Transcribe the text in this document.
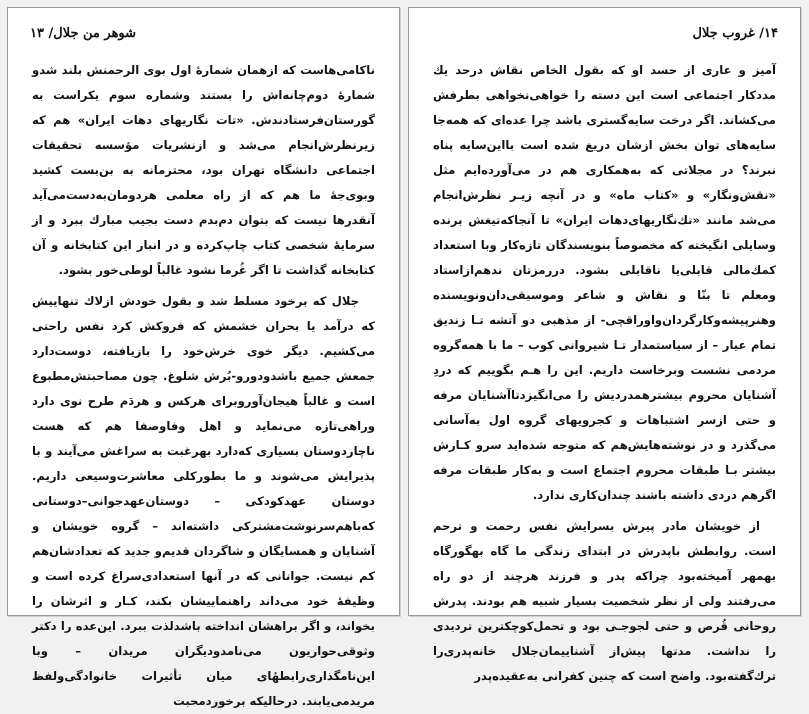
شوهر من جلال/ ۱۳

ناکامی‌هاست که ازهمان شمارهٔ اول بوی الرحمنش بلند شدو شمارهٔ دوم‌چانه‌اش را بستند وشماره سوم یکراست به گورستان‌فرستادندش. «تات نگاریهای دهات ایران» هم که زیرنظرش‌انجام می‌شد و ازنشریات مؤسسه تحقیقات اجتماعی دانشگاه تهران بود، محترمانه به بن‌بست کشید وبوی‌جهٔ ما هم که از راه معلمی هردومان‌به‌دست‌می‌آید آنقدرها نیست که بتوان دم‌بدم دست بجیب مبارك ببرد و از سرمایهٔ شخصی کتاب چاپ‌کرده و در انبار این کتابخانه و آن کتابخانه گذاشت تا اگر غُرما نشود غالباً لوطی‌خور بشود.

جلال که برخود مسلط شد و بقول خودش ازلاك تنهاییش که درآمد یا بحران خشمش که فروکش کرد نفس راحتی می‌کشیم. دیگر خوی خرش‌خود را بازیافته، دوست‌دارد جمعش جمیع باشدودورو-بُرش شلوغ. چون مصاحبتش‌مطبوع است و غالباً هیجان‌آورو‌برای هرکس و هردَم طرح نوی دارد وراهی‌تازه می‌نماید و اهل وفاوصفا هم که هست ناچاردوستان بسیاری که‌دارد بهرغبت به سراغش می‌آیند و با پذیرایش می‌شوند و ما بطورکلی معاشرت‌وسیعی داریم. دوستان عهدکودکی – دوستان‌عهدجوانی–دوستانی که‌باهم‌سرنوشت‌مشترکی داشته‌اند – گروه خویشان و آشنایان و همسایگان و شاگردان قدیم‌و جدید که تعدادشان‌هم کم نیست. جوانانی که در آنها استعدادی‌سراغ کرده است و وظیفهٔ خود می‌داند راهنماییشان بکند، کـار و اثرشان را بخواند، و اگر براهشان انداخته باشدلذت ببرد. این‌عده را دکتر وثوقی‌حواریون می‌نامدودیگران مریدان – وبا این‌نامگذاری‌رابطهٔای میان تأثیرات خانوادگی‌ولفظ مریدمی‌یابند. درحالیکه برخوردمحبت

۱۴/ غروب جلال

آمیز و عاری از حسد او که بقول الخاص نقاش درحد یك مددکار اجتماعی است این دسته را خواهی‌نخواهی بطرفش می‌کشاند. اگر درخت سایه‌گستری باشد چرا عده‌ای که همه‌جا سایه‌های توان بخش ازشان دریغ شده است بااین‌سایه پناه نبرند؟ در مجلاتی که به‌همکاری هم در می‌آورده‌ایم مثل «نقش‌ونگار» و «کتاب ماه» و در آنچه زیـر نظرش‌انجام می‌شد مانند «تك‌نگاریهای‌دهات ایران» تا آنجاکه‌تیغش برنده وسایلی انگیخته که مخصوصاً بنویسندگان تازه‌کار وبا استعداد کمك‌مالی قابلی‌یا ناقابلی بشود. دررمزتان ندهم‌ازاستاد ومعلم تا بنّا و نقاش و شاعر وموسیقی‌دان‌ونویسنده وهنرپیشه‌وکارگردان‌واوراقچی- از مذهبی دو آتشه تـا زندیق تمام عیار – از سیاستمدار تـا شیروانی کوب – ما با همه‌گروه مردمی نشست وبرخاست داریم. این را هـم بگوییم که دردِ آشنایان محروم بیشترهمدردیش را می‌انگیزدتاآشنایان مرفه و حتی ازسر اشتباهات و کجرویهای گروه اول به‌آسانی می‌گذرد و در نوشته‌هایش‌هم که متوجه شده‌اید سرو کـارش بیشتر بـا طبقات محروم اجتماع است و به‌کار طبقات مرفه اگرهم دردی داشته باشند چندان‌کاری ندارد.

از خویشان مادر پیرش بسرایش نفس رحمت و ترحم است. روابطش باپدرش در ابتدای زندگی ما گاه بهگورگاه بهمهر آمیخته‌بود چراکه پدر و فرزند هرچند از دو راه می‌رفتند ولی از نظر شخصیت بسیار شبیه هم بودند. پدرش روحانی قُرص و حتی لجوجـی بود و تحمل‌کوچکترین تردیدی را نداشت. مدتها پیش‌از آشناییمان‌جلال خانه‌پدری‌را ترك‌گفته‌بود. واضح است که چنین کفرانی به‌عقیده‌پدر
